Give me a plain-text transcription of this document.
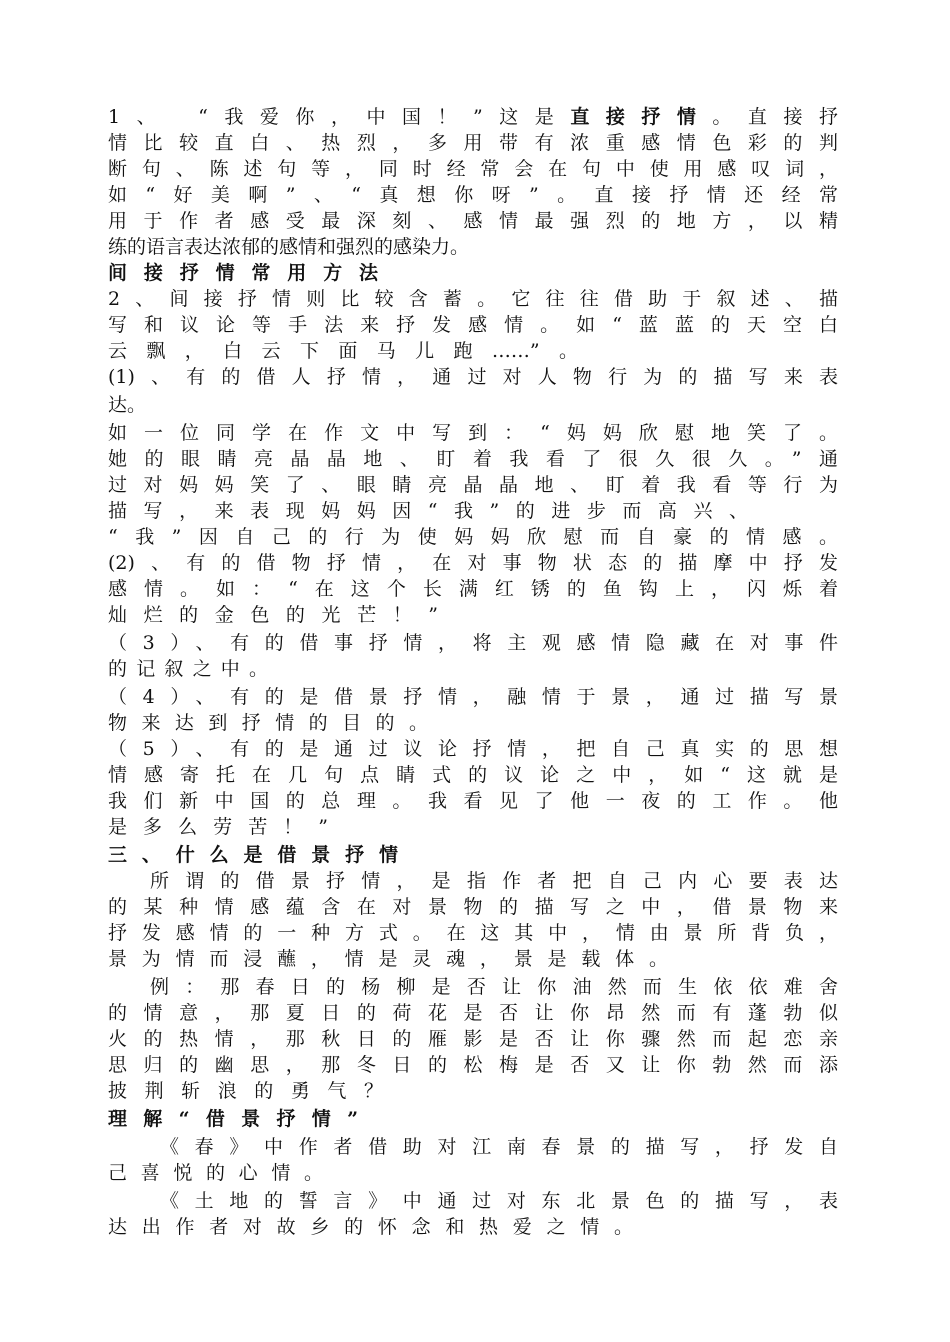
1、　“我爱你，中国！”这是直接抒情。直接抒
情比较直白、热烈，多用带有浓重感情色彩的判
断句、陈述句等，同时经常会在句中使用感叹词，
如“好美啊”、“真想你呀”。直接抒情还经常
用于作者感受最深刻、感情最强烈的地方，以精
练的语言表达浓郁的感情和强烈的感染力。
间接抒情常用方法
2、间接抒情则比较含蓄。它往往借助于叙述、描
写和议论等手法来抒发感情。如“蓝蓝的天空白
云飘，白云下面马儿跑……”。
(1)、有的借人抒情，通过对人物行为的描写来表
达。
如一位同学在作文中写到：“妈妈欣慰地笑了。
她的眼睛亮晶晶地、盯着我看了很久很久。”通
过对妈妈笑了、眼睛亮晶晶地、盯着我看等行为
描写，来表现妈妈因“我”的进步而高兴、
“我”因自己的行为使妈妈欣慰而自豪的情感。
(2)、有的借物抒情，在对事物状态的描摩中抒发
感情。如：“在这个长满红锈的鱼钩上，闪烁着
灿烂的金色的光芒！”
（3）、有的借事抒情，将主观感情隐藏在对事件
的记叙之中。
（4）、有的是借景抒情，融情于景，通过描写景
物来达到抒情的目的。
（5）、有的是通过议论抒情，把自己真实的思想
情感寄托在几句点睛式的议论之中，如“这就是
我们新中国的总理。我看见了他一夜的工作。他
是多么劳苦！”
三、什么是借景抒情
所谓的借景抒情，是指作者把自己内心要表达
的某种情感蕴含在对景物的描写之中，借景物来
抒发感情的一种方式。在这其中，情由景所背负，
景为情而浸蘸，情是灵魂，景是载体。
例：那春日的杨柳是否让你油然而生依依难舍
的情意，那夏日的荷花是否让你昂然而有蓬勃似
火的热情，那秋日的雁影是否让你骤然而起恋亲
思归的幽思，那冬日的松梅是否又让你勃然而添
披荆斩浪的勇气？
理解“借景抒情”
《春》中作者借助对江南春景的描写，抒发自
己喜悦的心情。
《土地的誓言》中通过对东北景色的描写，表
达出作者对故乡的怀念和热爱之情。
